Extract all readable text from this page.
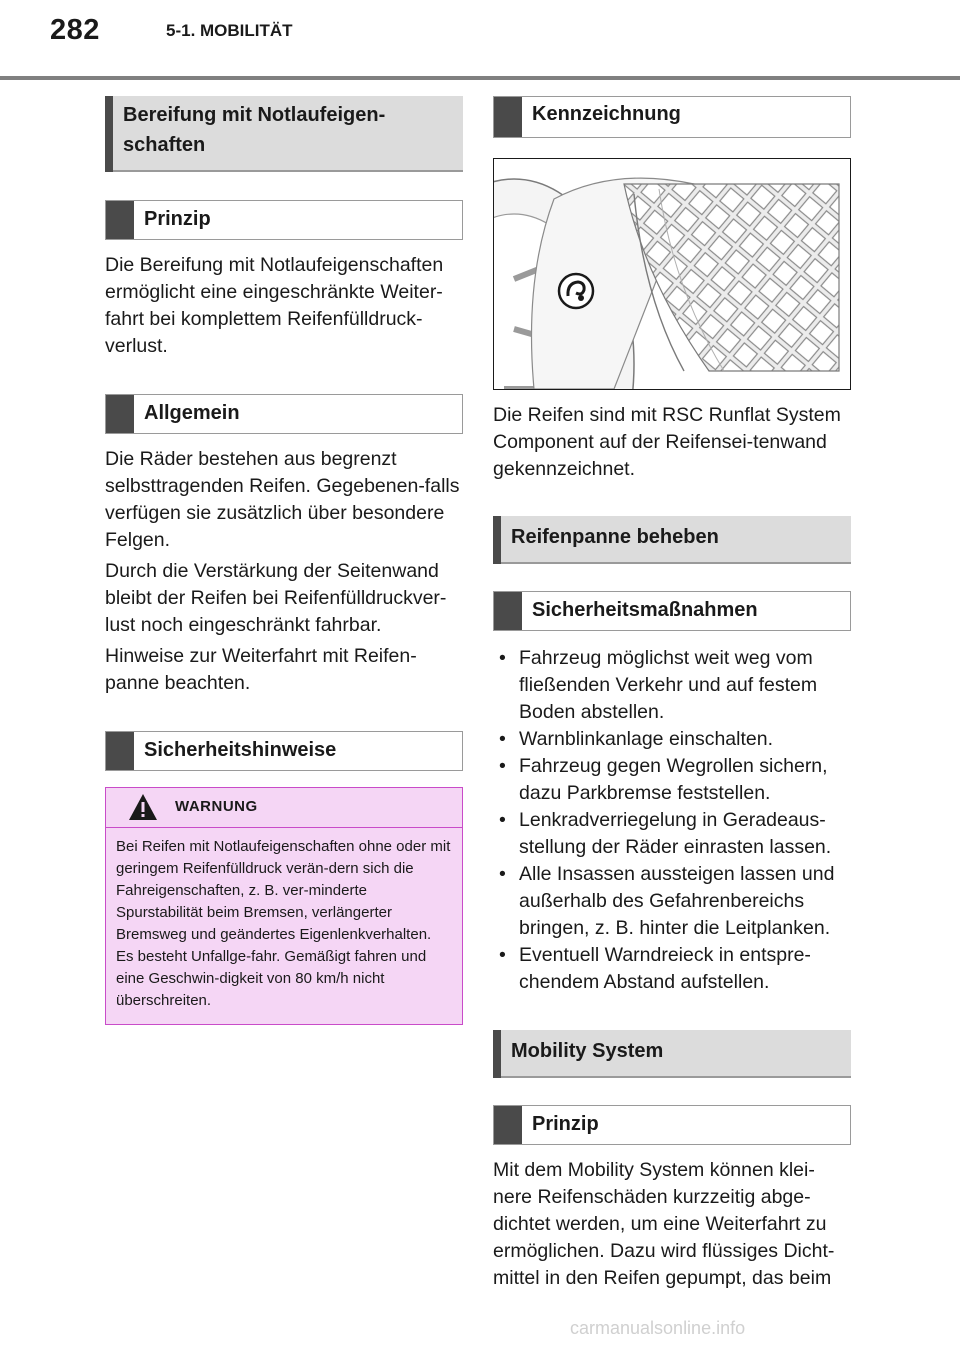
282	5-1. MOBILITÄT
Bereifung mit Notlaufeigen-schaften
Prinzip

Die Bereifung mit Notlaufeigenschaften ermöglicht eine eingeschränkte Weiter-fahrt bei komplettem Reifenfülldruck-verlust.

Allgemein

Die Räder bestehen aus begrenzt selbsttragenden Reifen. Gegebenen-falls verfügen sie zusätzlich über besondere Felgen.

Durch die Verstärkung der Seitenwand bleibt der Reifen bei Reifenfülldruckver-lust noch eingeschränkt fahrbar.

Hinweise zur Weiterfahrt mit Reifen-panne beachten.

Sicherheitshinweise
WARNUNG
Bei Reifen mit Notlaufeigenschaften ohne oder mit geringem Reifenfülldruck verän-dern sich die Fahreigenschaften, z. B. ver-minderte Spurstabilität beim Bremsen, verlängerter Bremsweg und geändertes Eigenlenkverhalten. Es besteht Unfallge-fahr. Gemäßigt fahren und eine Geschwin-digkeit von 80 km/h nicht überschreiten.
Kennzeichnung

Die Reifen sind mit RSC Runflat System Component auf der Reifensei-tenwand gekennzeichnet.

Reifenpanne beheben
Sicherheitsmaßnahmen
• Fahrzeug möglichst weit weg vom fließenden Verkehr und auf festem Boden abstellen.
• Warnblinkanlage einschalten.
• Fahrzeug gegen Wegrollen sichern, dazu Parkbremse feststellen.
• Lenkradverriegelung in Geradeaus-stellung der Räder einrasten lassen.
• Alle Insassen aussteigen lassen und außerhalb des Gefahrenbereichs bringen, z. B. hinter die Leitplanken.
• Eventuell Warndreieck in entspre-chendem Abstand aufstellen.
Mobility System
Prinzip

Mit dem Mobility System können klei-nere Reifenschäden kurzzeitig abge-dichtet werden, um eine Weiterfahrt zu ermöglichen. Dazu wird flüssiges Dicht-mittel in den Reifen gepumpt, das beim

carmanualsonline.info
